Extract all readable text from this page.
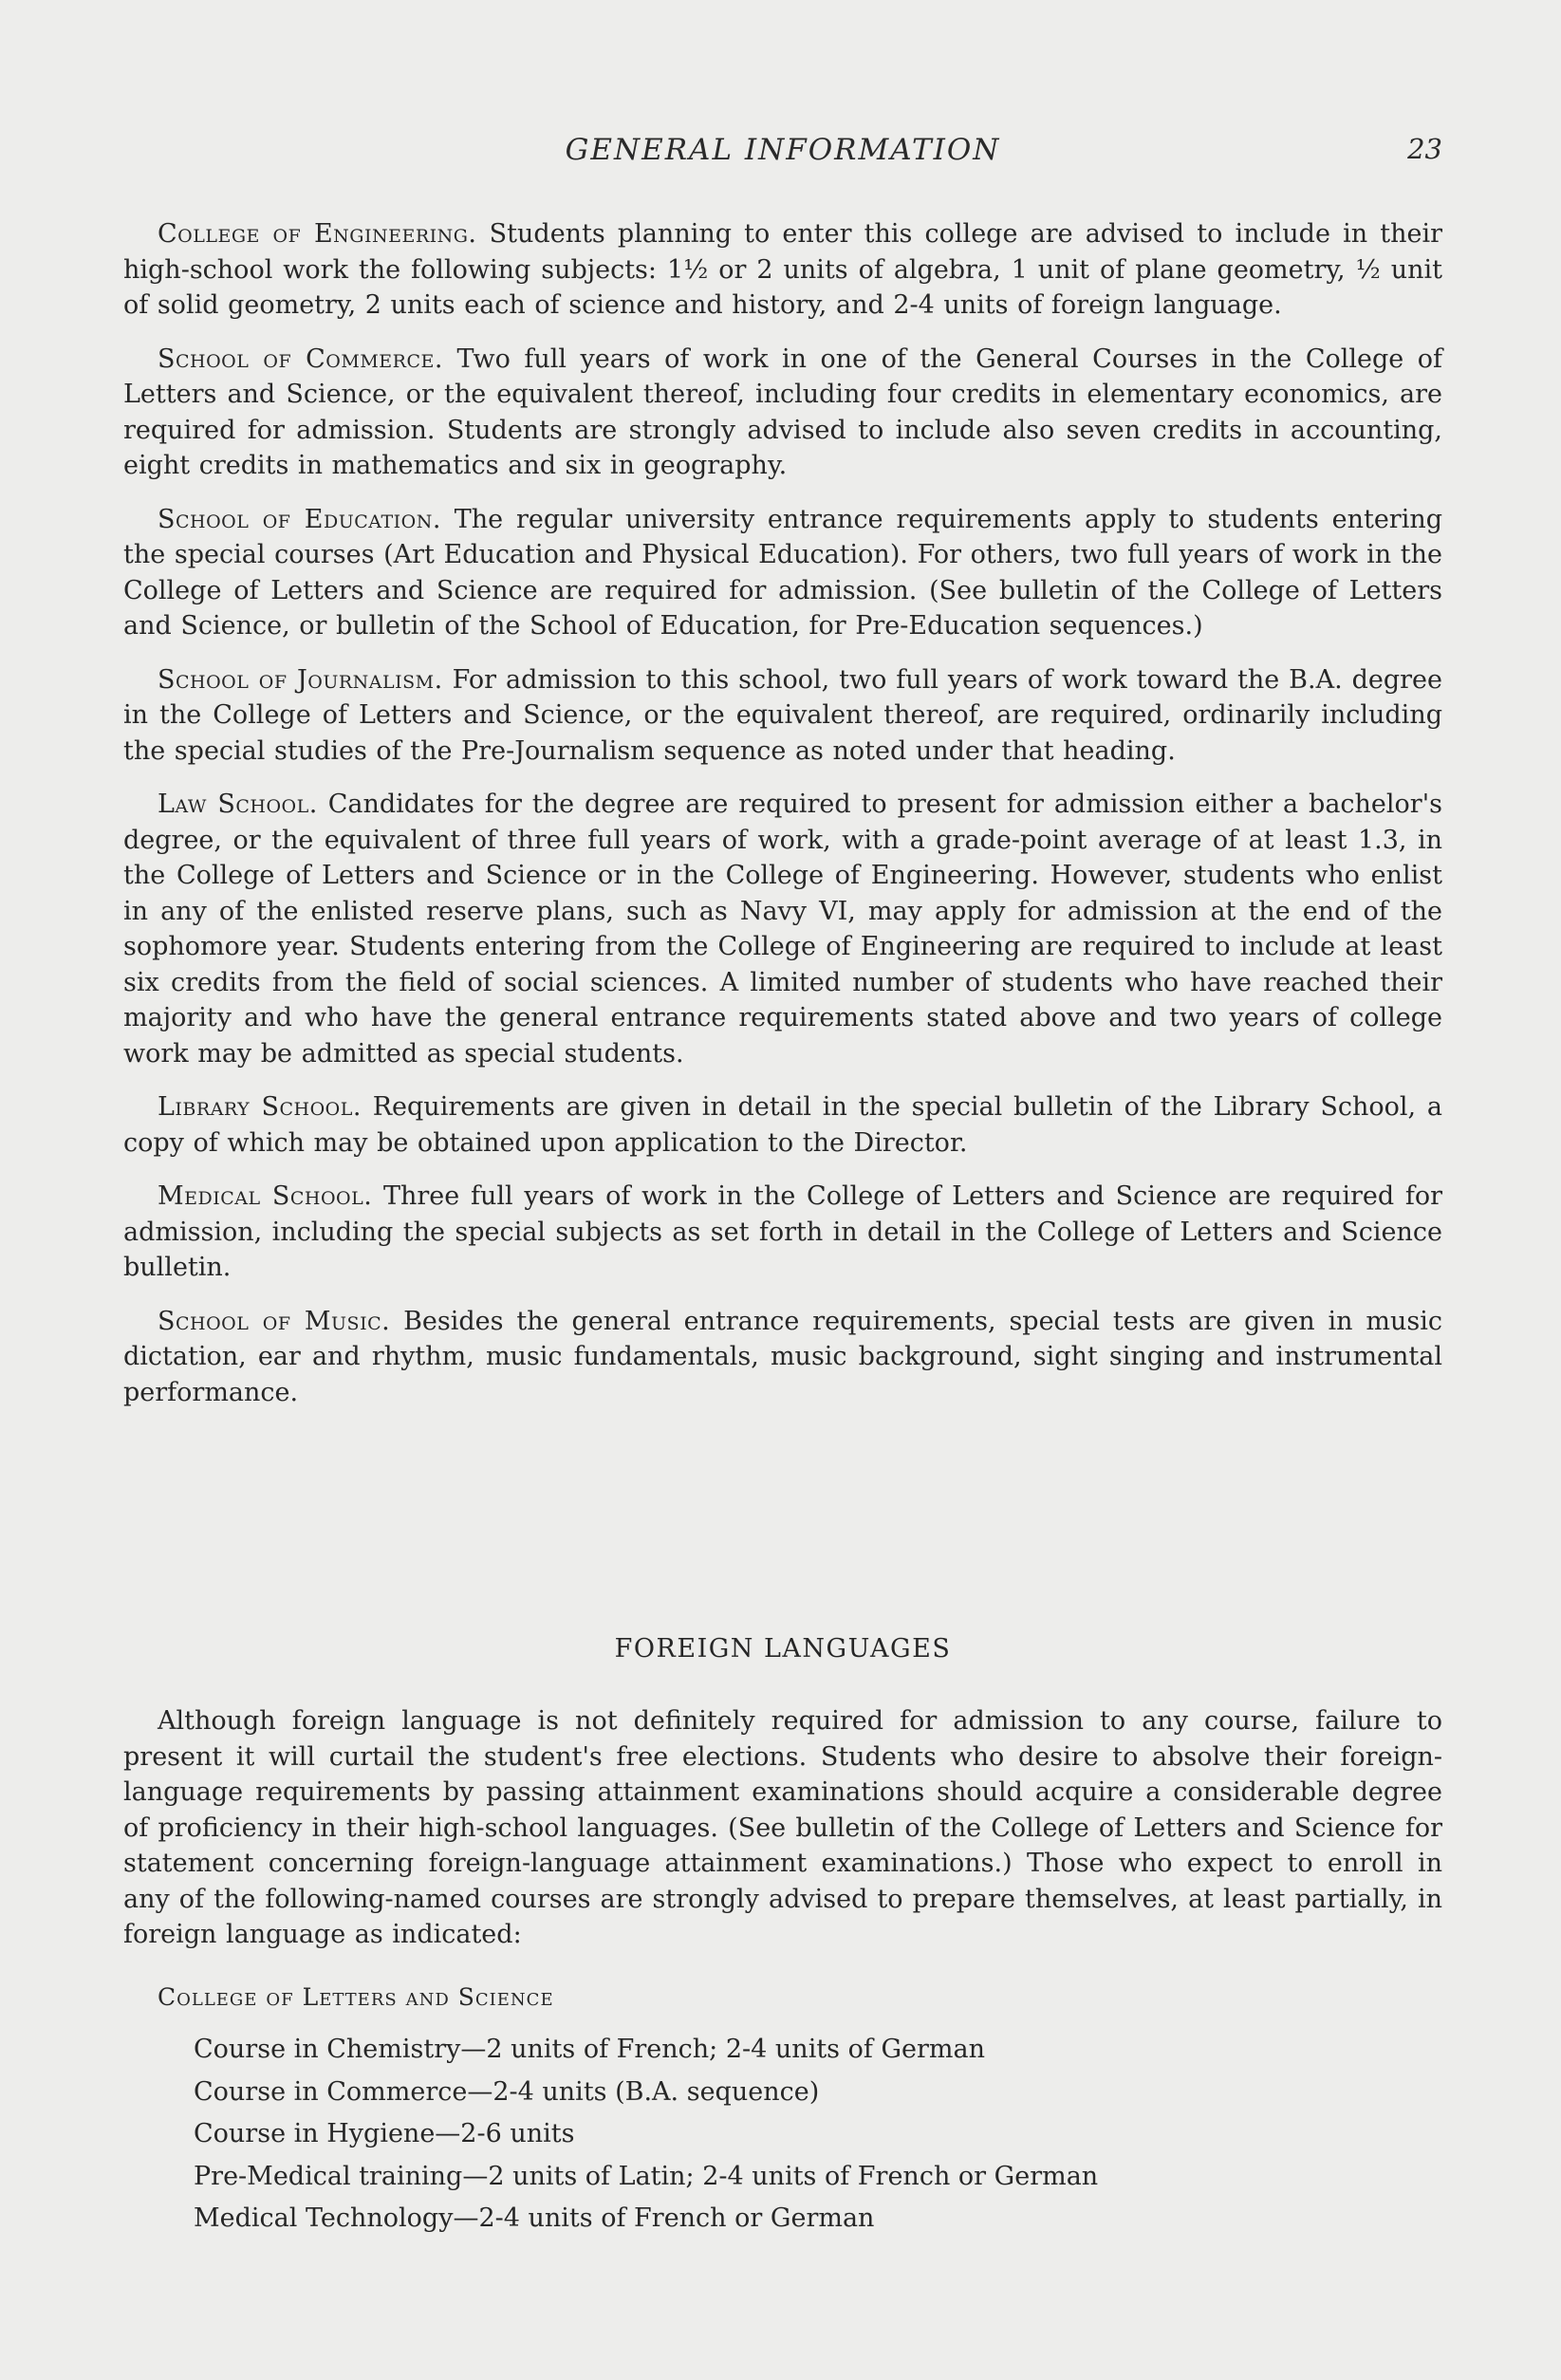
GENERAL INFORMATION	23

College of Engineering. Students planning to enter this college are advised to include in their high-school work the following subjects: 1½ or 2 units of algebra, 1 unit of plane geometry, ½ unit of solid geometry, 2 units each of science and history, and 2-4 units of foreign language.

School of Commerce. Two full years of work in one of the General Courses in the College of Letters and Science, or the equivalent thereof, including four credits in elementary economics, are required for admission. Students are strongly advised to include also seven credits in accounting, eight credits in mathematics and six in geography.

School of Education. The regular university entrance requirements apply to students entering the special courses (Art Education and Physical Education). For others, two full years of work in the College of Letters and Science are required for admission. (See bulletin of the College of Letters and Science, or bulletin of the School of Education, for Pre-Education sequences.)

School of Journalism. For admission to this school, two full years of work toward the B.A. degree in the College of Letters and Science, or the equivalent thereof, are required, ordinarily including the special studies of the Pre-Journalism sequence as noted under that heading.

Law School. Candidates for the degree are required to present for admission either a bachelor's degree, or the equivalent of three full years of work, with a grade-point average of at least 1.3, in the College of Letters and Science or in the College of Engineering. However, students who enlist in any of the enlisted reserve plans, such as Navy VI, may apply for admission at the end of the sophomore year. Students entering from the College of Engineering are required to include at least six credits from the field of social sciences. A limited number of students who have reached their majority and who have the general entrance requirements stated above and two years of college work may be admitted as special students.

Library School. Requirements are given in detail in the special bulletin of the Library School, a copy of which may be obtained upon application to the Director.

Medical School. Three full years of work in the College of Letters and Science are required for admission, including the special subjects as set forth in detail in the College of Letters and Science bulletin.

School of Music. Besides the general entrance requirements, special tests are given in music dictation, ear and rhythm, music fundamentals, music background, sight singing and instrumental performance.

FOREIGN LANGUAGES

Although foreign language is not definitely required for admission to any course, failure to present it will curtail the student's free elections. Students who desire to absolve their foreign-language requirements by passing attainment examinations should acquire a considerable degree of proficiency in their high-school languages. (See bulletin of the College of Letters and Science for statement concerning foreign-language attainment examinations.) Those who expect to enroll in any of the following-named courses are strongly advised to prepare themselves, at least partially, in foreign language as indicated:

College of Letters and Science
Course in Chemistry—2 units of French; 2-4 units of German
Course in Commerce—2-4 units (B.A. sequence)
Course in Hygiene—2-6 units
Pre-Medical training—2 units of Latin; 2-4 units of French or German
Medical Technology—2-4 units of French or German
